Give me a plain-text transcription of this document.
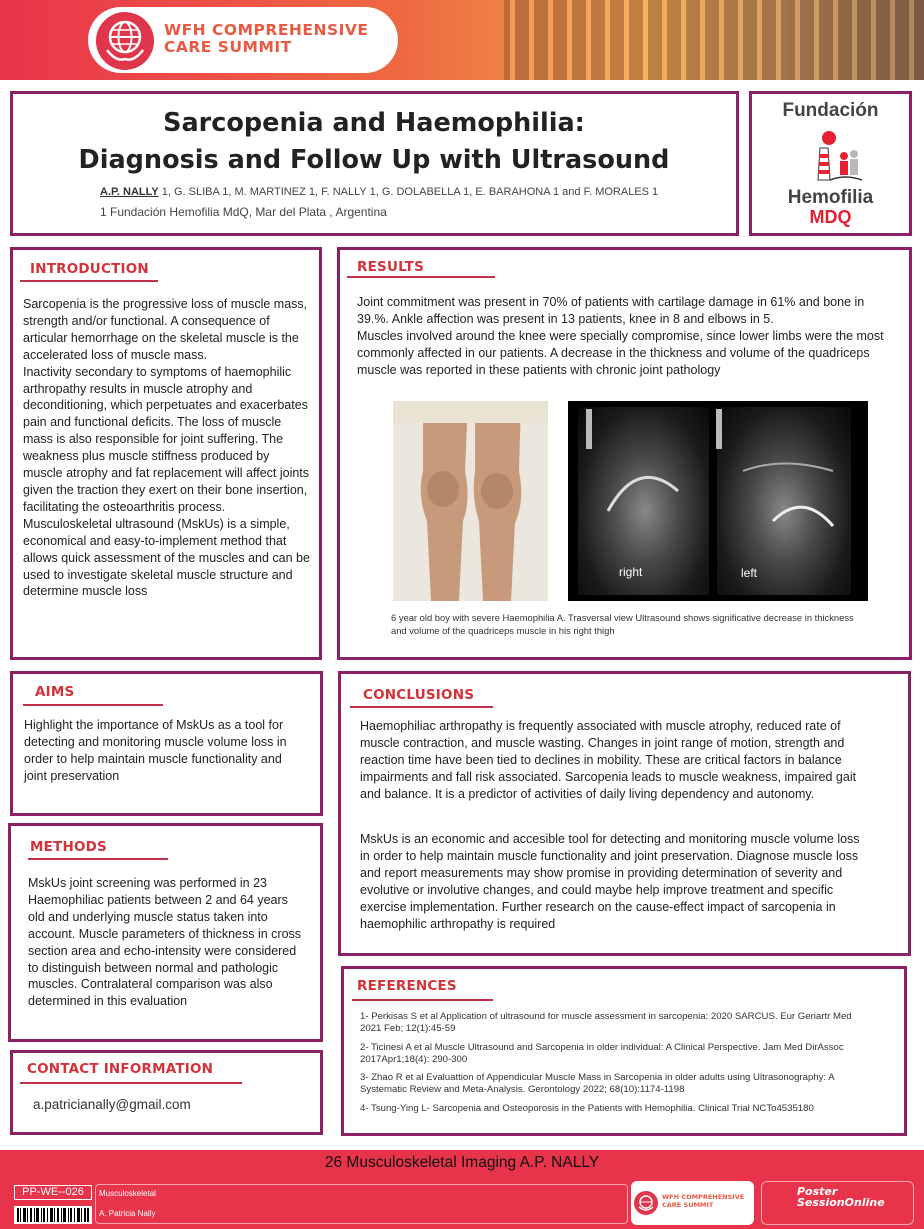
WFH COMPREHENSIVE
CARE SUMMIT
Sarcopenia and Haemophilia:
Diagnosis and Follow Up with Ultrasound
A.P. NALLY 1, G. SLIBA 1, M. MARTINEZ 1, F. NALLY 1, G. DOLABELLA 1, E. BARAHONA 1 and F. MORALES 1
1 Fundación Hemofilia MdQ, Mar del Plata , Argentina
Fundación
Hemofilia
MDQ
INTRODUCTION
Sarcopenia is the progressive loss of muscle mass, strength and/or functional. A consequence of articular hemorrhage on the skeletal muscle is the accelerated loss of muscle mass.
Inactivity secondary to symptoms of haemophilic arthropathy results in muscle atrophy and deconditioning, which perpetuates and exacerbates pain and functional deficits. The loss of muscle mass is also responsible for joint suffering. The weakness plus muscle stiffness produced by muscle atrophy and fat replacement will affect joints given the traction they exert on their bone insertion, facilitating the osteoarthritis process.
Musculoskeletal ultrasound (MskUs) is a simple, economical and easy-to-implement method that allows quick assessment of the muscles and can be used to investigate skeletal muscle structure and determine muscle loss
RESULTS
Joint commitment was present in 70% of patients with cartilage damage in 61% and bone in 39.%. Ankle affection was present in 13 patients, knee in 8 and elbows in 5.
Muscles involved around the knee were specially compromise, since lower limbs were the most commonly affected in our patients. A decrease in the thickness and volume of the quadriceps muscle was reported in these patients with chronic joint pathology
right	left
6 year old boy with severe Haemophilia A. Trasversal view Ultrasound shows significative decrease in thickness and volume of the quadriceps muscle in his right thigh
AIMS
Highlight the importance of MskUs as a tool for detecting and monitoring muscle volume loss in order to help maintain muscle functionality and joint preservation
CONCLUSIONS
Haemophiliac arthropathy is frequently associated with muscle atrophy, reduced rate of muscle contraction, and muscle wasting. Changes in joint range of motion, strength and reaction time have been tied to declines in mobility. These are critical factors in balance impairments and fall risk associated. Sarcopenia leads to muscle weakness, impaired gait and balance. It is a predictor of activities of daily living dependency and autonomy.
MskUs is an economic and accesible tool for detecting and monitoring muscle volume loss in order to help maintain muscle functionality and joint preservation. Diagnose muscle loss and report measurements may show promise in providing determination of severity and evolutive or involutive changes, and could maybe help improve treatment and specific exercise implementation. Further research on the cause-effect impact of sarcopenia in haemophilic arthropathy is required
METHODS
MskUs joint screening was performed in 23 Haemophiliac patients between 2 and 64 years old and underlying muscle status taken into account. Muscle parameters of thickness in cross section area and echo-intensity were considered to distinguish between normal and pathologic muscles. Contralateral comparison was also determined in this evaluation
REFERENCES
1- Perkisas S et al Application of ultrasound for muscle assessment in sarcopenia: 2020 SARCUS. Eur Geriartr Med 2021 Feb; 12(1):45-59
2- Ticinesi A et al Muscle Ultrasound and Sarcopenia in older individual: A Clinical Perspective. Jam Med DirAssoc 2017Apr1;18(4): 290-300
3- Zhao R et al Evaluattion of Appendicular Muscle Mass in Sarcopenia in older adults using Ultrasonography: A Systematic Review and Meta-Analysis. Gerontology 2022; 68(10):1174-1198
4- Tsung-Ying L- Sarcopenia and Osteoporosis in the Patients with Hemophilia. Clinical Trial NCTo4535180
CONTACT INFORMATION
a.patricianally@gmail.com
26 Musculoskeletal Imaging A.P. NALLY
PP-WE--026	Musculoskeletal
A. Patricia Nally
WFH COMPREHENSIVE
CARE SUMMIT
Poster
SessionOnline
